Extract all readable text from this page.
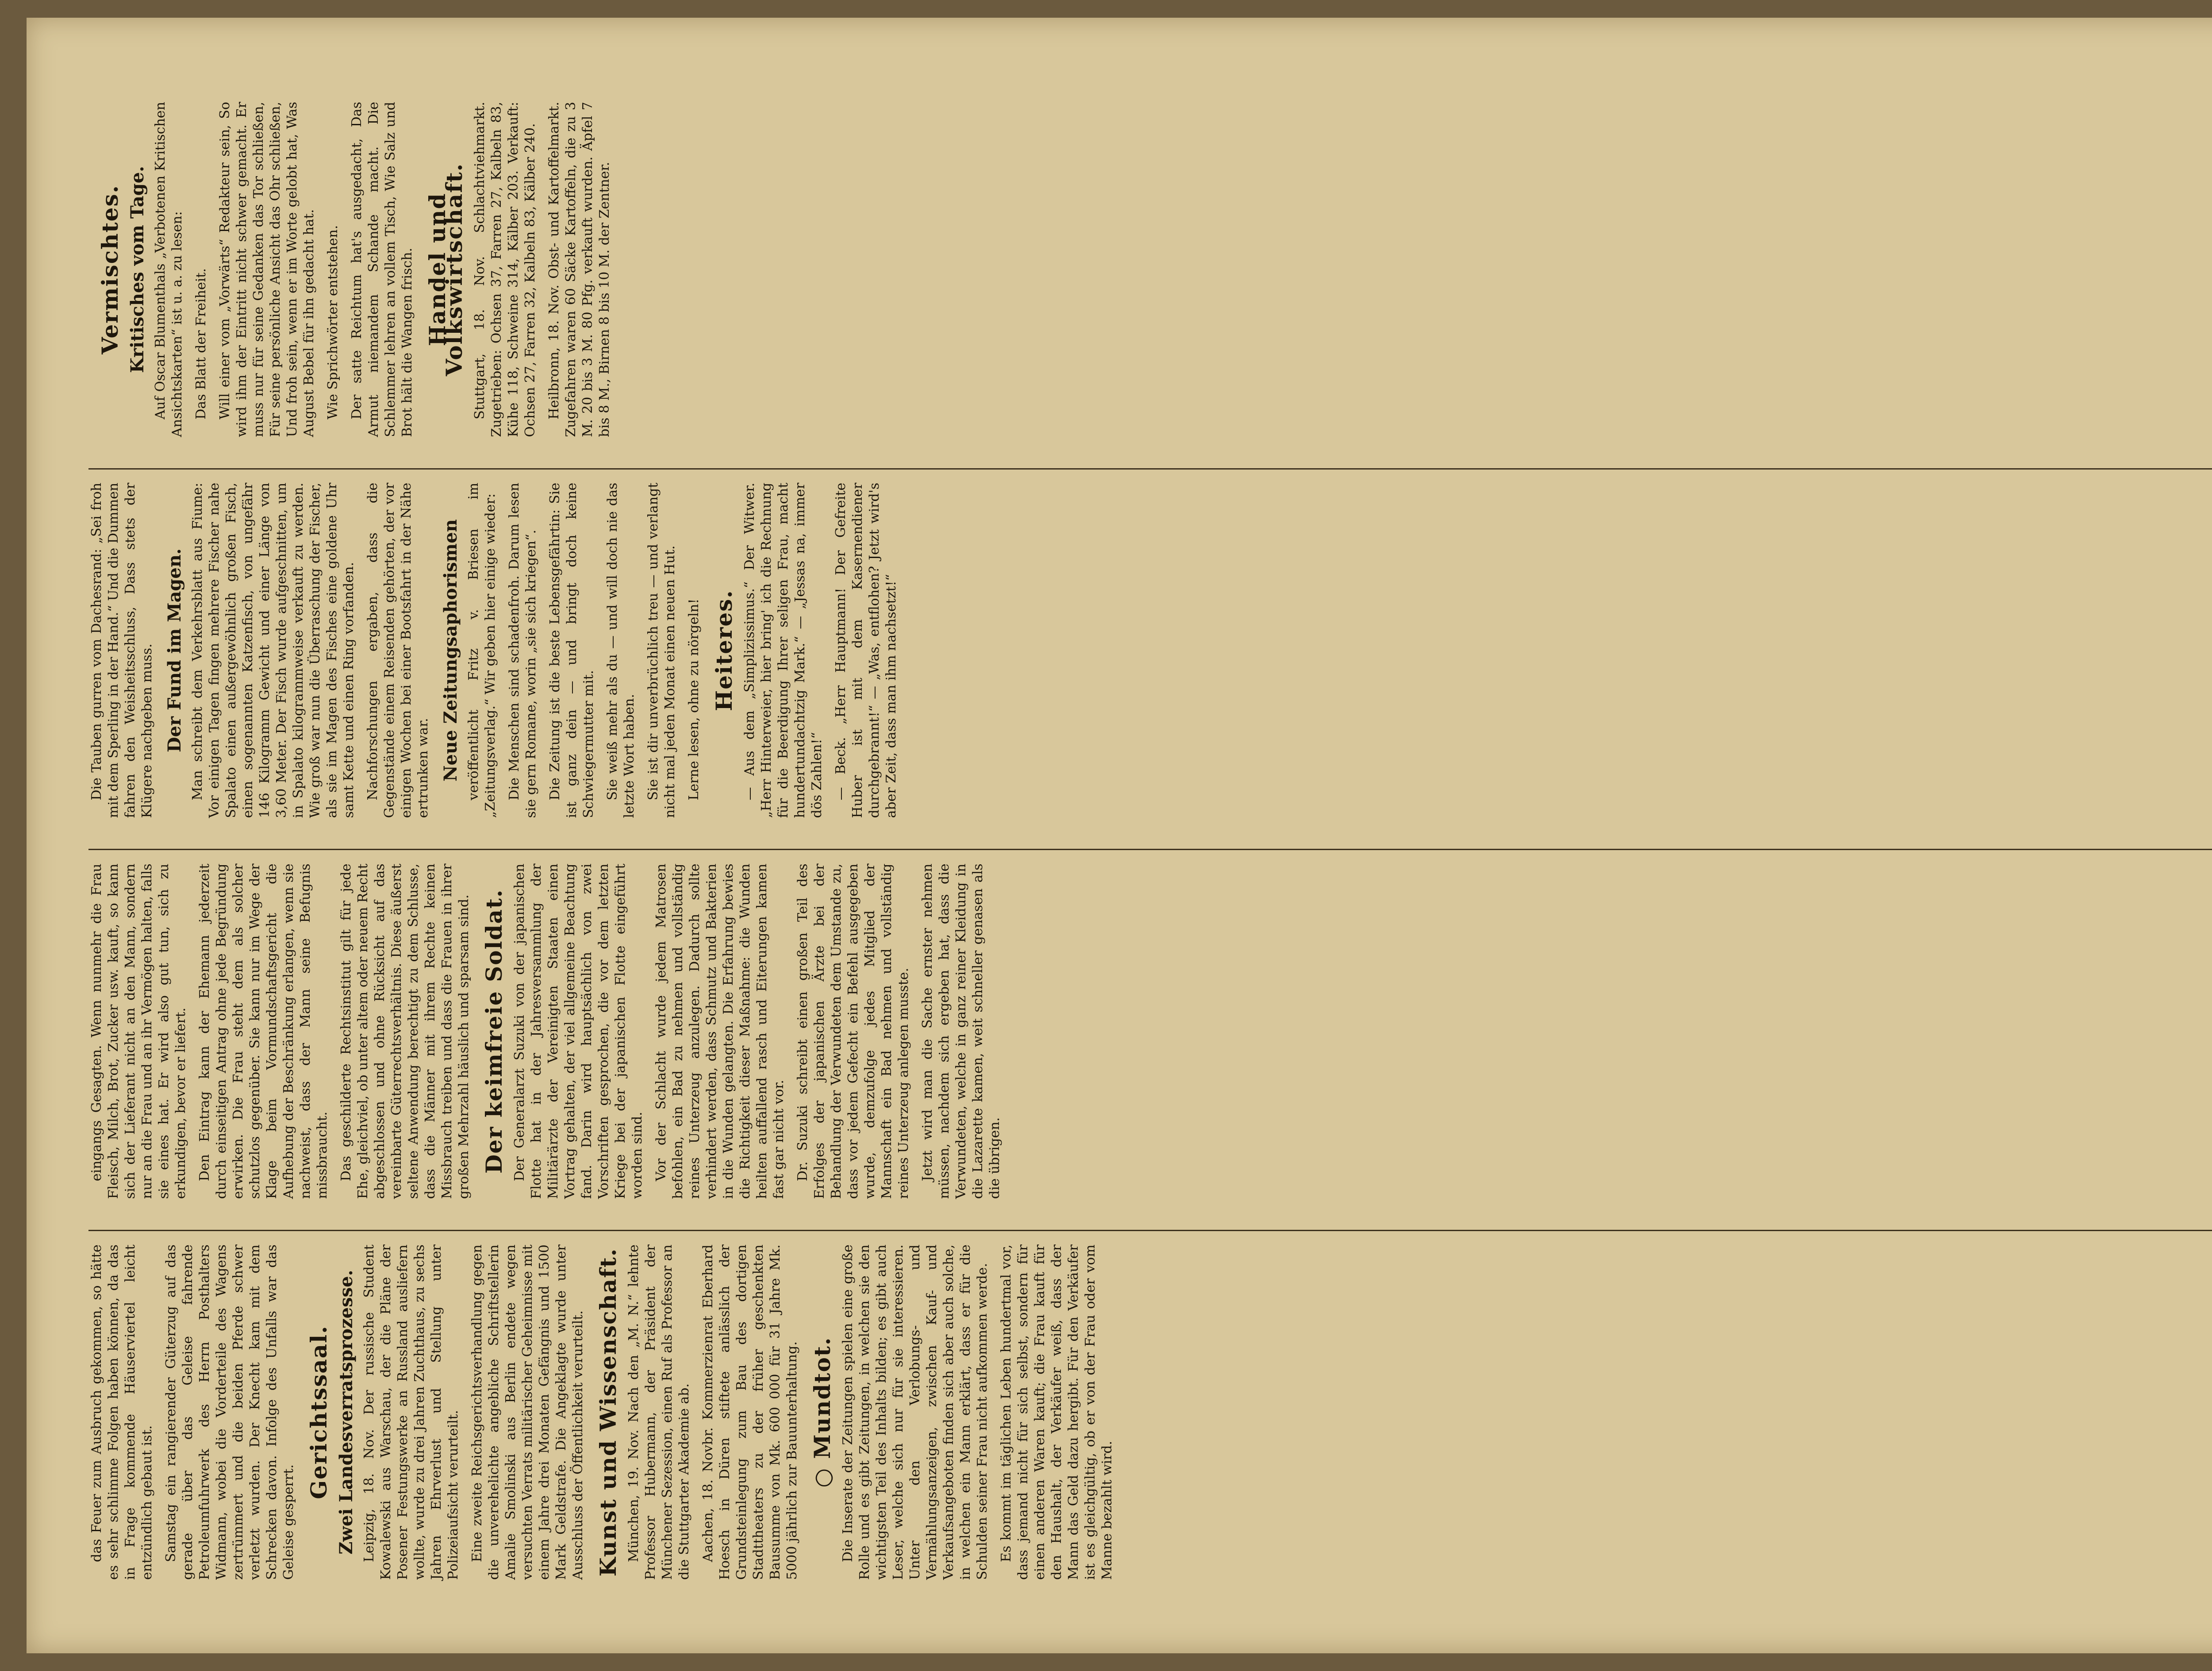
das Feuer zum Ausbruch gekommen, so hätte es sehr schlimme Folgen haben können, da das in Frage kommende Häuserviertel leicht entzündlich gebaut ist. Samstag ein rangierender Güterzug auf das gerade über das Geleise fahrende Petroleumfuhrwerk des Herrn Posthalters Widmann, wobei die Vorderteile des Wagens zertrümmert und die beiden Pferde schwer verletzt wurden. Der Knecht kam mit dem Schrecken davon. Infolge des Unfalls war das Geleise gesperrt.

Gerichtssaal. Zwei Landesverratsprozesse. Leipzig, 18. Nov. Der russische Student Kowalewski aus Warschau, der die Pläne der Posener Festungswerke an Russland ausliefern wollte, wurde zu drei Jahren Zuchthaus, zu sechs Jahren Ehrverlust und Stellung unter Polizeiaufsicht verurteilt. Eine zweite Reichsgerichtsverhandlung gegen die unverehelichte angebliche Schriftstellerin Amalie Smolinski aus Berlin endete wegen versuchten Verrats militärischer Geheimnisse mit einem Jahre drei Monaten Gefängnis und 1500 Mark Geldstrafe. Die Angeklagte wurde unter Ausschluss der Öffentlichkeit verurteilt. Kunst und Wissenschaft. München, 19. Nov. Nach den „M. N.“ lehnte Professor Hubermann, der Präsident der Münchener Sezession, einen Ruf als Professor an die Stuttgarter Akademie ab. Aachen, 18. Novbr. Kommerzienrat Eberhard Hoesch in Düren stiftete anlässlich der Grundsteinlegung zum Bau des dortigen Stadttheaters zu der früher geschenkten Bausumme von Mk. 600 000 für 31 Jahre Mk. 5000 jährlich zur Bauunterhaltung. ○ Mundtot. Die Inserate der Zeitungen spielen eine große Rolle und es gibt Zeitungen, in welchen sie den wichtigsten Teil des Inhalts bilden; es gibt auch Leser, welche sich nur für sie interessieren. Unter den Verlobungs- und Vermählungsanzeigen, zwischen Kauf- und Verkaufsangeboten finden sich aber auch solche, in welchen ein Mann erklärt, dass er für die Schulden seiner Frau nicht aufkommen werde. Es kommt im täglichen Leben hundertmal vor, dass jemand nicht für sich selbst, sondern für einen anderen Waren kauft; die Frau kauft für den Haushalt, der Verkäufer weiß, dass der Mann das Geld dazu hergibt. Für den Verkäufer ist es gleichgültig, ob er von der Frau oder vom Manne bezahlt wird.

eingangs Gesagten. Wenn nunmehr die Frau Fleisch, Milch, Brot, Zucker usw. kauft, so kann sich der Lieferant nicht an den Mann, sondern nur an die Frau und an ihr Vermögen halten, falls sie eines hat. Er wird also gut tun, sich zu erkundigen, bevor er liefert. Den Eintrag kann der Ehemann jederzeit durch einseitigen Antrag ohne jede Begründung erwirken. Die Frau steht dem als solcher schutzlos gegenüber. Sie kann nur im Wege der Klage beim Vormundschaftsgericht die Aufhebung der Beschränkung erlangen, wenn sie nachweist, dass der Mann seine Befugnis missbraucht. Das geschilderte Rechtsinstitut gilt für jede Ehe, gleichviel, ob unter altem oder neuem Recht abgeschlossen und ohne Rücksicht auf das vereinbarte Güterrechtsverhältnis. Diese äußerst seltene Anwendung berechtigt zu dem Schlusse, dass die Männer mit ihrem Rechte keinen Missbrauch treiben und dass die Frauen in ihrer großen Mehrzahl häuslich und sparsam sind. Der keimfreie Soldat. Der Generalarzt Suzuki von der japanischen Flotte hat in der Jahresversammlung der Militärärzte der Vereinigten Staaten einen Vortrag gehalten, der viel allgemeine Beachtung fand. Darin wird hauptsächlich von zwei Vorschriften gesprochen, die vor dem letzten Kriege bei der japanischen Flotte eingeführt worden sind. Vor der Schlacht wurde jedem Matrosen befohlen, ein Bad zu nehmen und vollständig reines Unterzeug anzulegen. Dadurch sollte verhindert werden, dass Schmutz und Bakterien in die Wunden gelangten. Die Erfahrung bewies die Richtigkeit dieser Maßnahme: die Wunden heilten auffallend rasch und Eiterungen kamen fast gar nicht vor. Dr. Suzuki schreibt einen großen Teil des Erfolges der japanischen Ärzte bei der Behandlung der Verwundeten dem Umstande zu, dass vor jedem Gefecht ein Befehl ausgegeben wurde, demzufolge jedes Mitglied der Mannschaft ein Bad nehmen und vollständig reines Unterzeug anlegen musste. Jetzt wird man die Sache ernster nehmen müssen, nachdem sich ergeben hat, dass die Verwundeten, welche in ganz reiner Kleidung in die Lazarette kamen, weit schneller genasen als die übrigen.

Die Tauben gurren vom Dachesrand: „Sei froh mit dem Sperling in der Hand.“ Und die Dummen fahren den Weisheitsschluss, Dass stets der Klügere nachgeben muss. Der Fund im Magen. Man schreibt dem Verkehrsblatt aus Fiume: Vor einigen Tagen fingen mehrere Fischer nahe Spalato einen außergewöhnlich großen Fisch, einen sogenannten Katzenfisch, von ungefähr 146 Kilogramm Gewicht und einer Länge von 3,60 Meter. Der Fisch wurde aufgeschnitten, um in Spalato kilogrammweise verkauft zu werden. Wie groß war nun die Überraschung der Fischer, als sie im Magen des Fisches eine goldene Uhr samt Kette und einen Ring vorfanden. Nachforschungen ergaben, dass die Gegenstände einem Reisenden gehörten, der vor einigen Wochen bei einer Bootsfahrt in der Nähe ertrunken war. Neue Zeitungsaphorismen veröffentlicht Fritz v. Briesen im „Zeitungsverlag.“ Wir geben hier einige wieder: Die Menschen sind schadenfroh. Darum lesen sie gern Romane, worin „sie sich kriegen“. Die Zeitung ist die beste Lebensgefährtin: Sie ist ganz dein — und bringt doch keine Schwiegermutter mit. Sie weiß mehr als du — und will doch nie das letzte Wort haben. Sie ist dir unverbrüchlich treu — und verlangt nicht mal jeden Monat einen neuen Hut. Lerne lesen, ohne zu nörgeln! Heiteres. — Aus dem „Simplizissimus.“ Der Witwer. „Herr Hinterweier, hier bring' ich die Rechnung für die Beerdigung Ihrer seligen Frau, macht hundertundachtzig Mark.“ — „Jessas na, immer dös Zahlen!“ — Beck. „Herr Hauptmann! Der Gefreite Huber ist mit dem Kasernendiener durchgebrannt!“ — „Was, entflohen? Jetzt wird's aber Zeit, dass man ihm nachsetzt!“

Vermischtes. Kritisches vom Tage. Auf Oscar Blumenthals „Verbotenen Kritischen Ansichtskarten“ ist u. a. zu lesen: Das Blatt der Freiheit. Will einer vom „Vorwärts“ Redakteur sein, So wird ihm der Eintritt nicht schwer gemacht. Er muss nur für seine Gedanken das Tor schließen, Für seine persönliche Ansicht das Ohr schließen, Und froh sein, wenn er im Worte gelobt hat, Was August Bebel für ihn gedacht hat. Wie Sprichwörter entstehen. Der satte Reichtum hat's ausgedacht, Das Armut niemandem Schande macht. Die Schlemmer lehren an vollem Tisch, Wie Salz und Brot hält die Wangen frisch. Handel und Volkswirtschaft. Stuttgart, 18. Nov. Schlachtviehmarkt. Zugetrieben: Ochsen 37, Farren 27, Kalbeln 83, Kühe 118, Schweine 314, Kälber 203. Verkauft: Ochsen 27, Farren 32, Kalbeln 83, Kälber 240. Heilbronn, 18. Nov. Obst- und Kartoffelmarkt. Zugefahren waren 60 Säcke Kartoffeln, die zu 3 M. 20 bis 3 M. 80 Pfg. verkauft wurden. Äpfel 7 bis 8 M., Birnen 8 bis 10 M. der Zentner.
